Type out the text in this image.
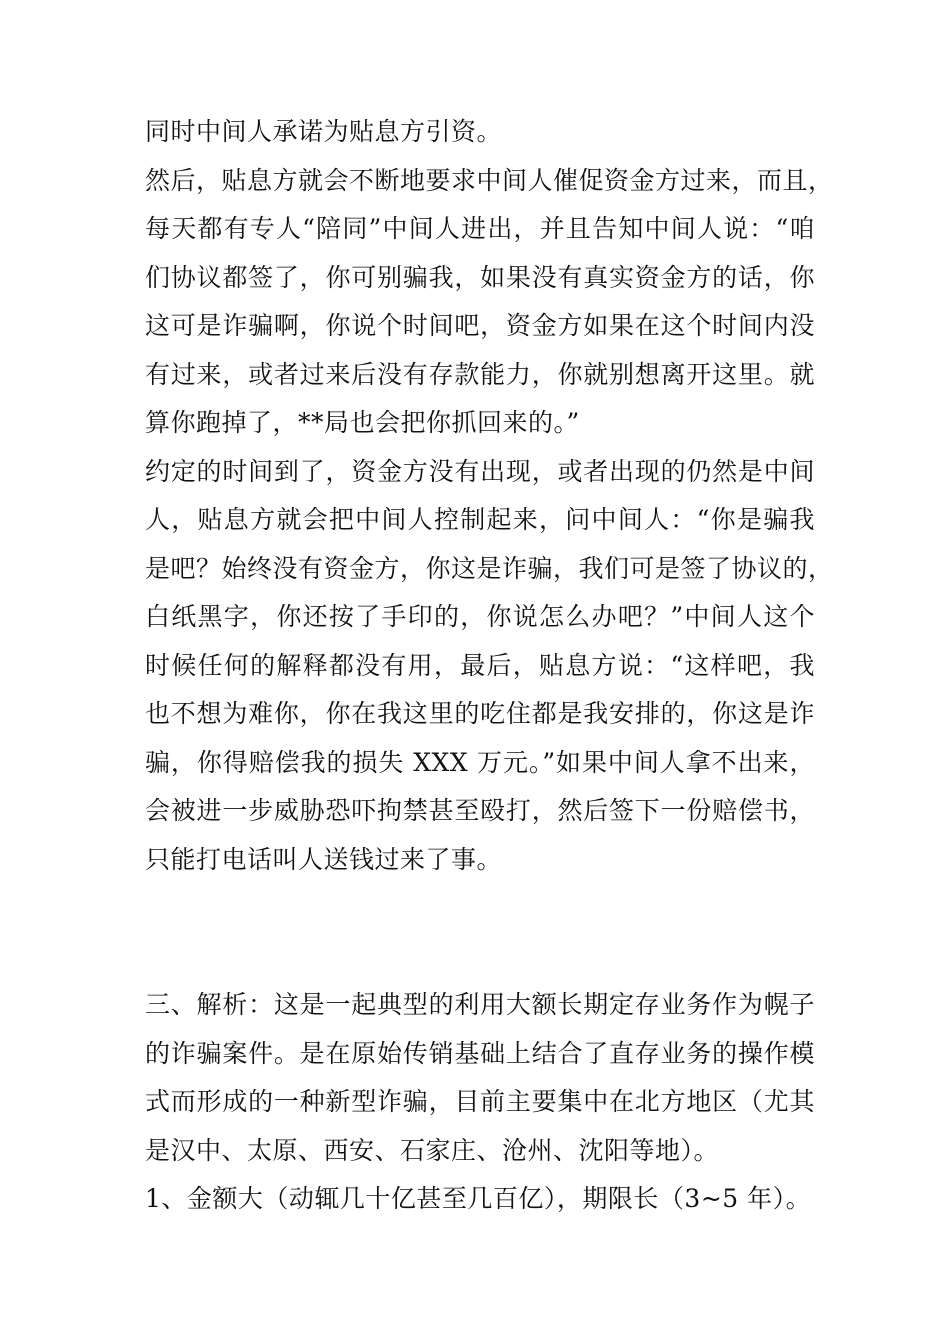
同时中间人承诺为贴息方引资。
然后，贴息方就会不断地要求中间人催促资金方过来，而且，
每天都有专人“陪同”中间人进出，并且告知中间人说：“咱
们协议都签了，你可别骗我，如果没有真实资金方的话，你
这可是诈骗啊，你说个时间吧，资金方如果在这个时间内没
有过来，或者过来后没有存款能力，你就别想离开这里。就
算你跑掉了，**局也会把你抓回来的。”
约定的时间到了，资金方没有出现，或者出现的仍然是中间
人，贴息方就会把中间人控制起来，问中间人：“你是骗我
是吧？始终没有资金方，你这是诈骗，我们可是签了协议的，
白纸黑字，你还按了手印的，你说怎么办吧？”中间人这个
时候任何的解释都没有用，最后，贴息方说：“这样吧，我
也不想为难你，你在我这里的吃住都是我安排的，你这是诈
骗，你得赔偿我的损失 XXX 万元。”如果中间人拿不出来，
会被进一步威胁恐吓拘禁甚至殴打，然后签下一份赔偿书，
只能打电话叫人送钱过来了事。
三、解析：这是一起典型的利用大额长期定存业务作为幌子
的诈骗案件。是在原始传销基础上结合了直存业务的操作模
式而形成的一种新型诈骗，目前主要集中在北方地区（尤其
是汉中、太原、西安、石家庄、沧州、沈阳等地）。
1、金额大（动辄几十亿甚至几百亿），期限长（3~5 年）。
